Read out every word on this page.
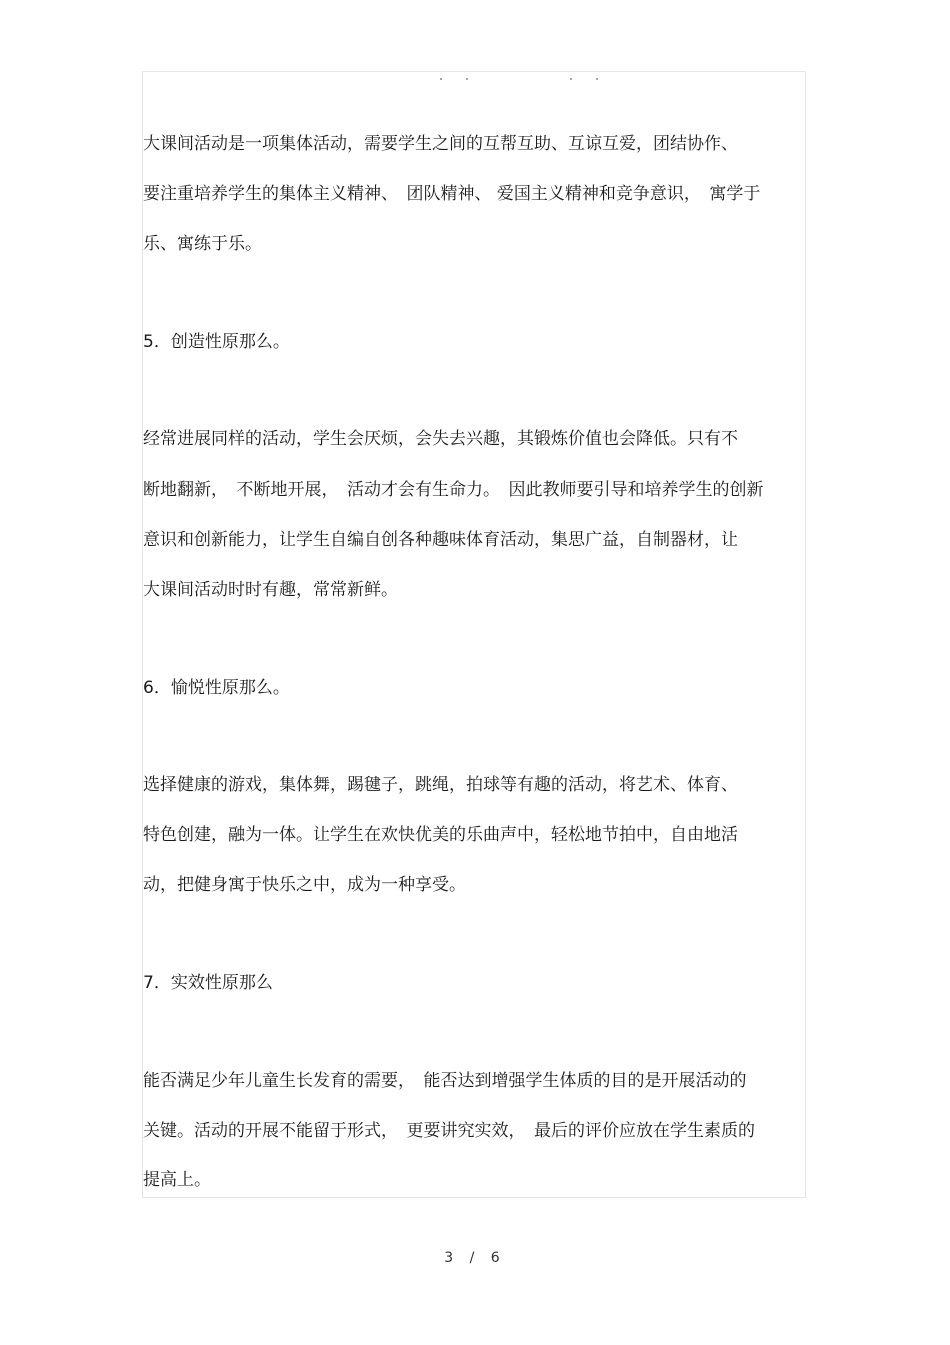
大课间活动是一项集体活动，需要学生之间的互帮互助、互谅互爱，团结协作、
要注重培养学生的集体主义精神、　团队精神、 爱国主义精神和竞争意识，　寓学于
乐、寓练于乐。
5．创造性原那么。
经常进展同样的活动，学生会厌烦，会失去兴趣，其锻炼价值也会降低。只有不
断地翻新，　不断地开展，　活动才会有生命力。　因此教师要引导和培养学生的创新
意识和创新能力，让学生自编自创各种趣味体育活动，集思广益，自制器材，让
大课间活动时时有趣，常常新鲜。
6．愉悦性原那么。
选择健康的游戏，集体舞，踢毽子，跳绳，拍球等有趣的活动，将艺术、体育、
特色创建，融为一体。让学生在欢快优美的乐曲声中，轻松地节拍中，自由地活
动，把健身寓于快乐之中，成为一种享受。
7．实效性原那么
能否满足少年儿童生长发育的需要，　能否达到增强学生体质的目的是开展活动的
关键。活动的开展不能留于形式，　更要讲究实效，　最后的评价应放在学生素质的
提高上。
3 / 6
